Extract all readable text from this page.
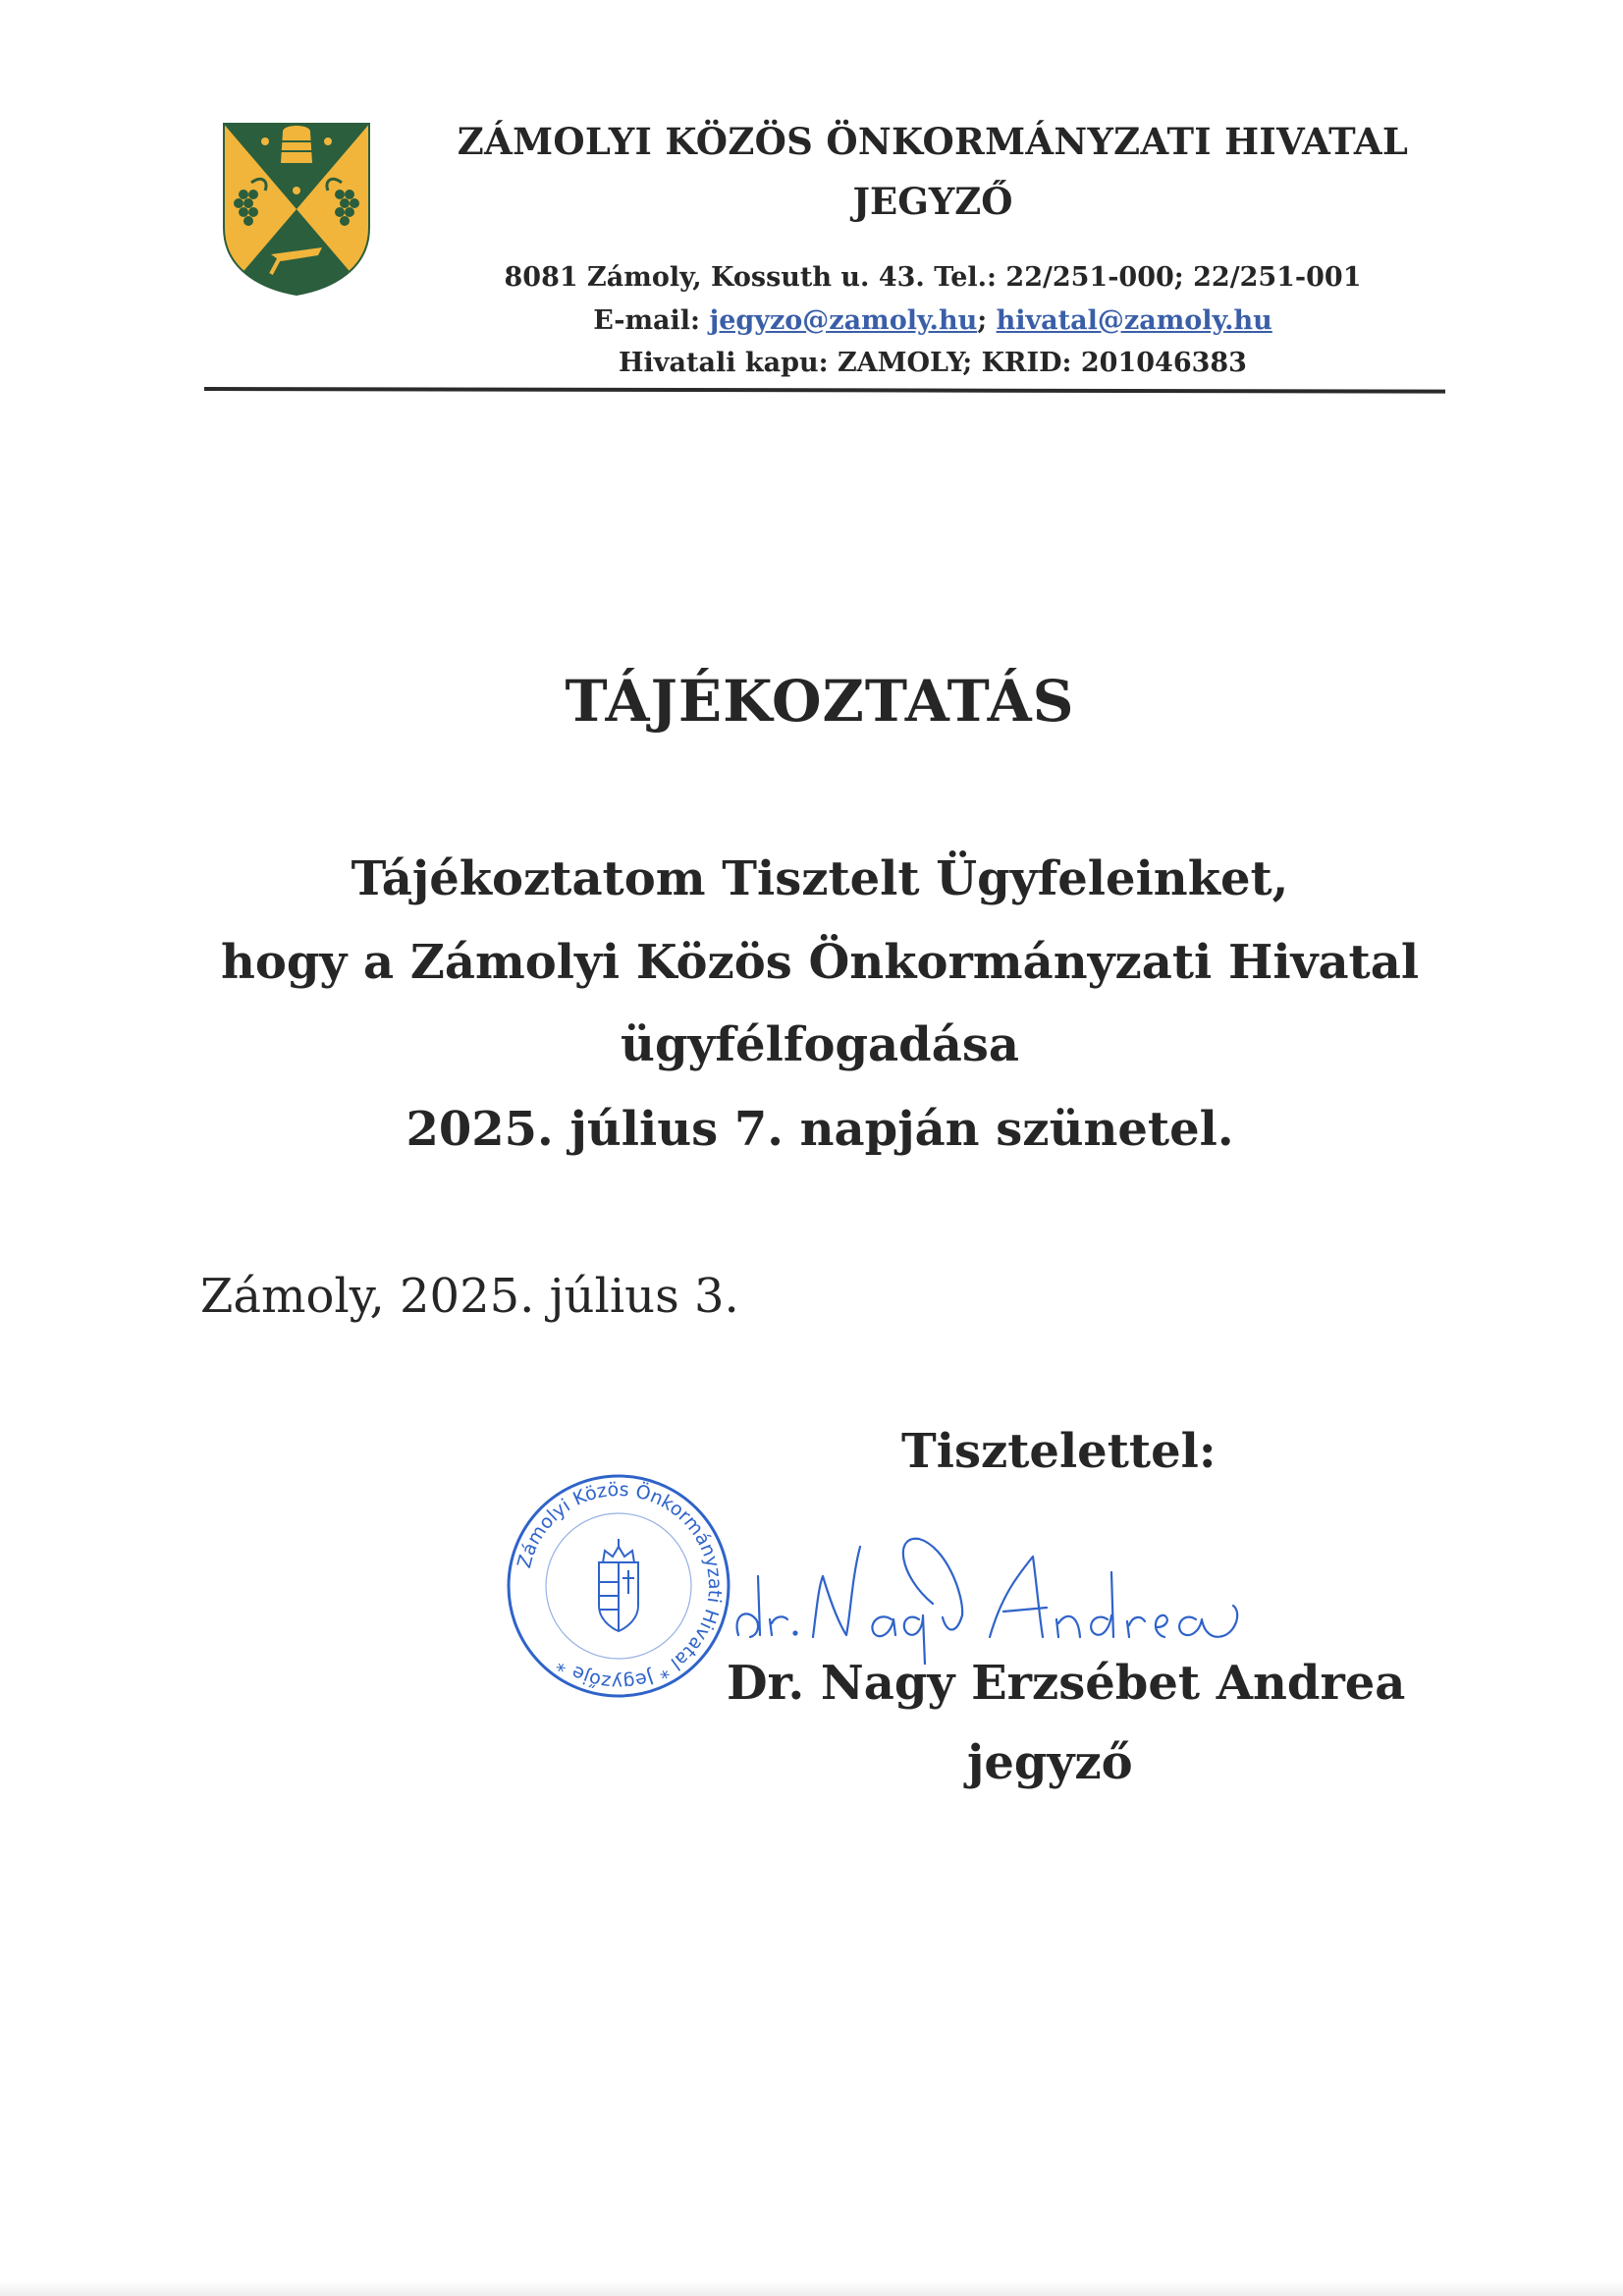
ZÁMOLYI KÖZÖS ÖNKORMÁNYZATI HIVATAL
JEGYZŐ
8081 Zámoly, Kossuth u. 43. Tel.: 22/251-000; 22/251-001
E-mail: jegyzo@zamoly.hu; hivatal@zamoly.hu
Hivatali kapu: ZAMOLY; KRID: 201046383
TÁJÉKOZTATÁS
Tájékoztatom Tisztelt Ügyfeleinket,
hogy a Zámolyi Közös Önkormányzati Hivatal
ügyfélfogadása
2025. július 7. napján szünetel.
Zámoly, 2025. július 3.
Tisztelettel:
Zámolyi Közös Önkormányzati Hivatal * Jegyzője *	Dr. Nagy Erzsébet Andrea
jegyző
